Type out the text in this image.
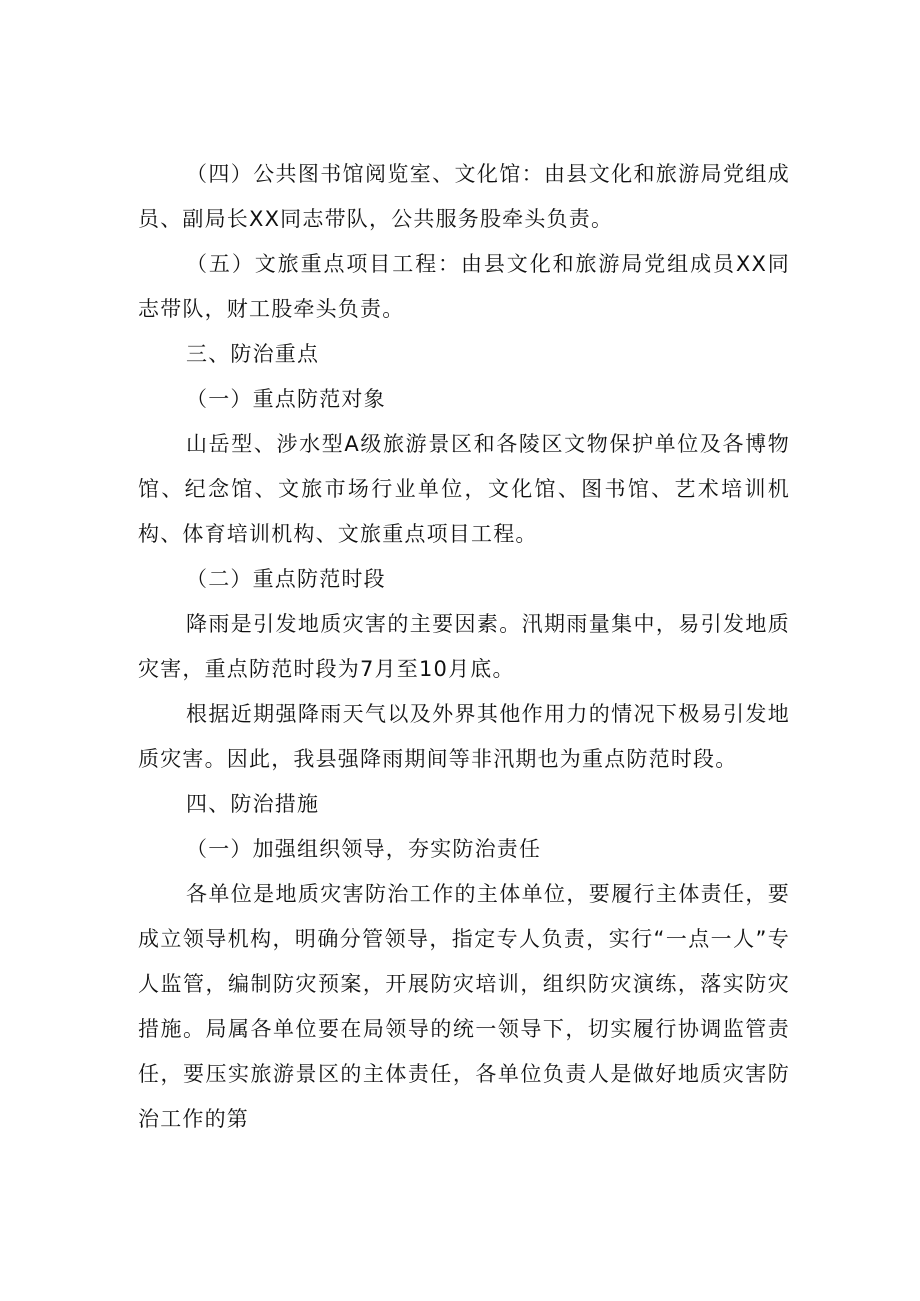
（四）公共图书馆阅览室、文化馆：由县文化和旅游局党组成员、副局长XX同志带队，公共服务股牵头负责。

（五）文旅重点项目工程：由县文化和旅游局党组成员XX同志带队，财工股牵头负责。

三、防治重点

（一）重点防范对象

山岳型、涉水型A级旅游景区和各陵区文物保护单位及各博物馆、纪念馆、文旅市场行业单位，文化馆、图书馆、艺术培训机构、体育培训机构、文旅重点项目工程。

（二）重点防范时段

降雨是引发地质灾害的主要因素。汛期雨量集中，易引发地质灾害，重点防范时段为7月至10月底。

根据近期强降雨天气以及外界其他作用力的情况下极易引发地质灾害。因此，我县强降雨期间等非汛期也为重点防范时段。

四、防治措施

（一）加强组织领导，夯实防治责任

各单位是地质灾害防治工作的主体单位，要履行主体责任，要成立领导机构，明确分管领导，指定专人负责，实行“一点一人”专人监管，编制防灾预案，开展防灾培训，组织防灾演练，落实防灾措施。局属各单位要在局领导的统一领导下，切实履行协调监管责任，要压实旅游景区的主体责任，各单位负责人是做好地质灾害防治工作的第
